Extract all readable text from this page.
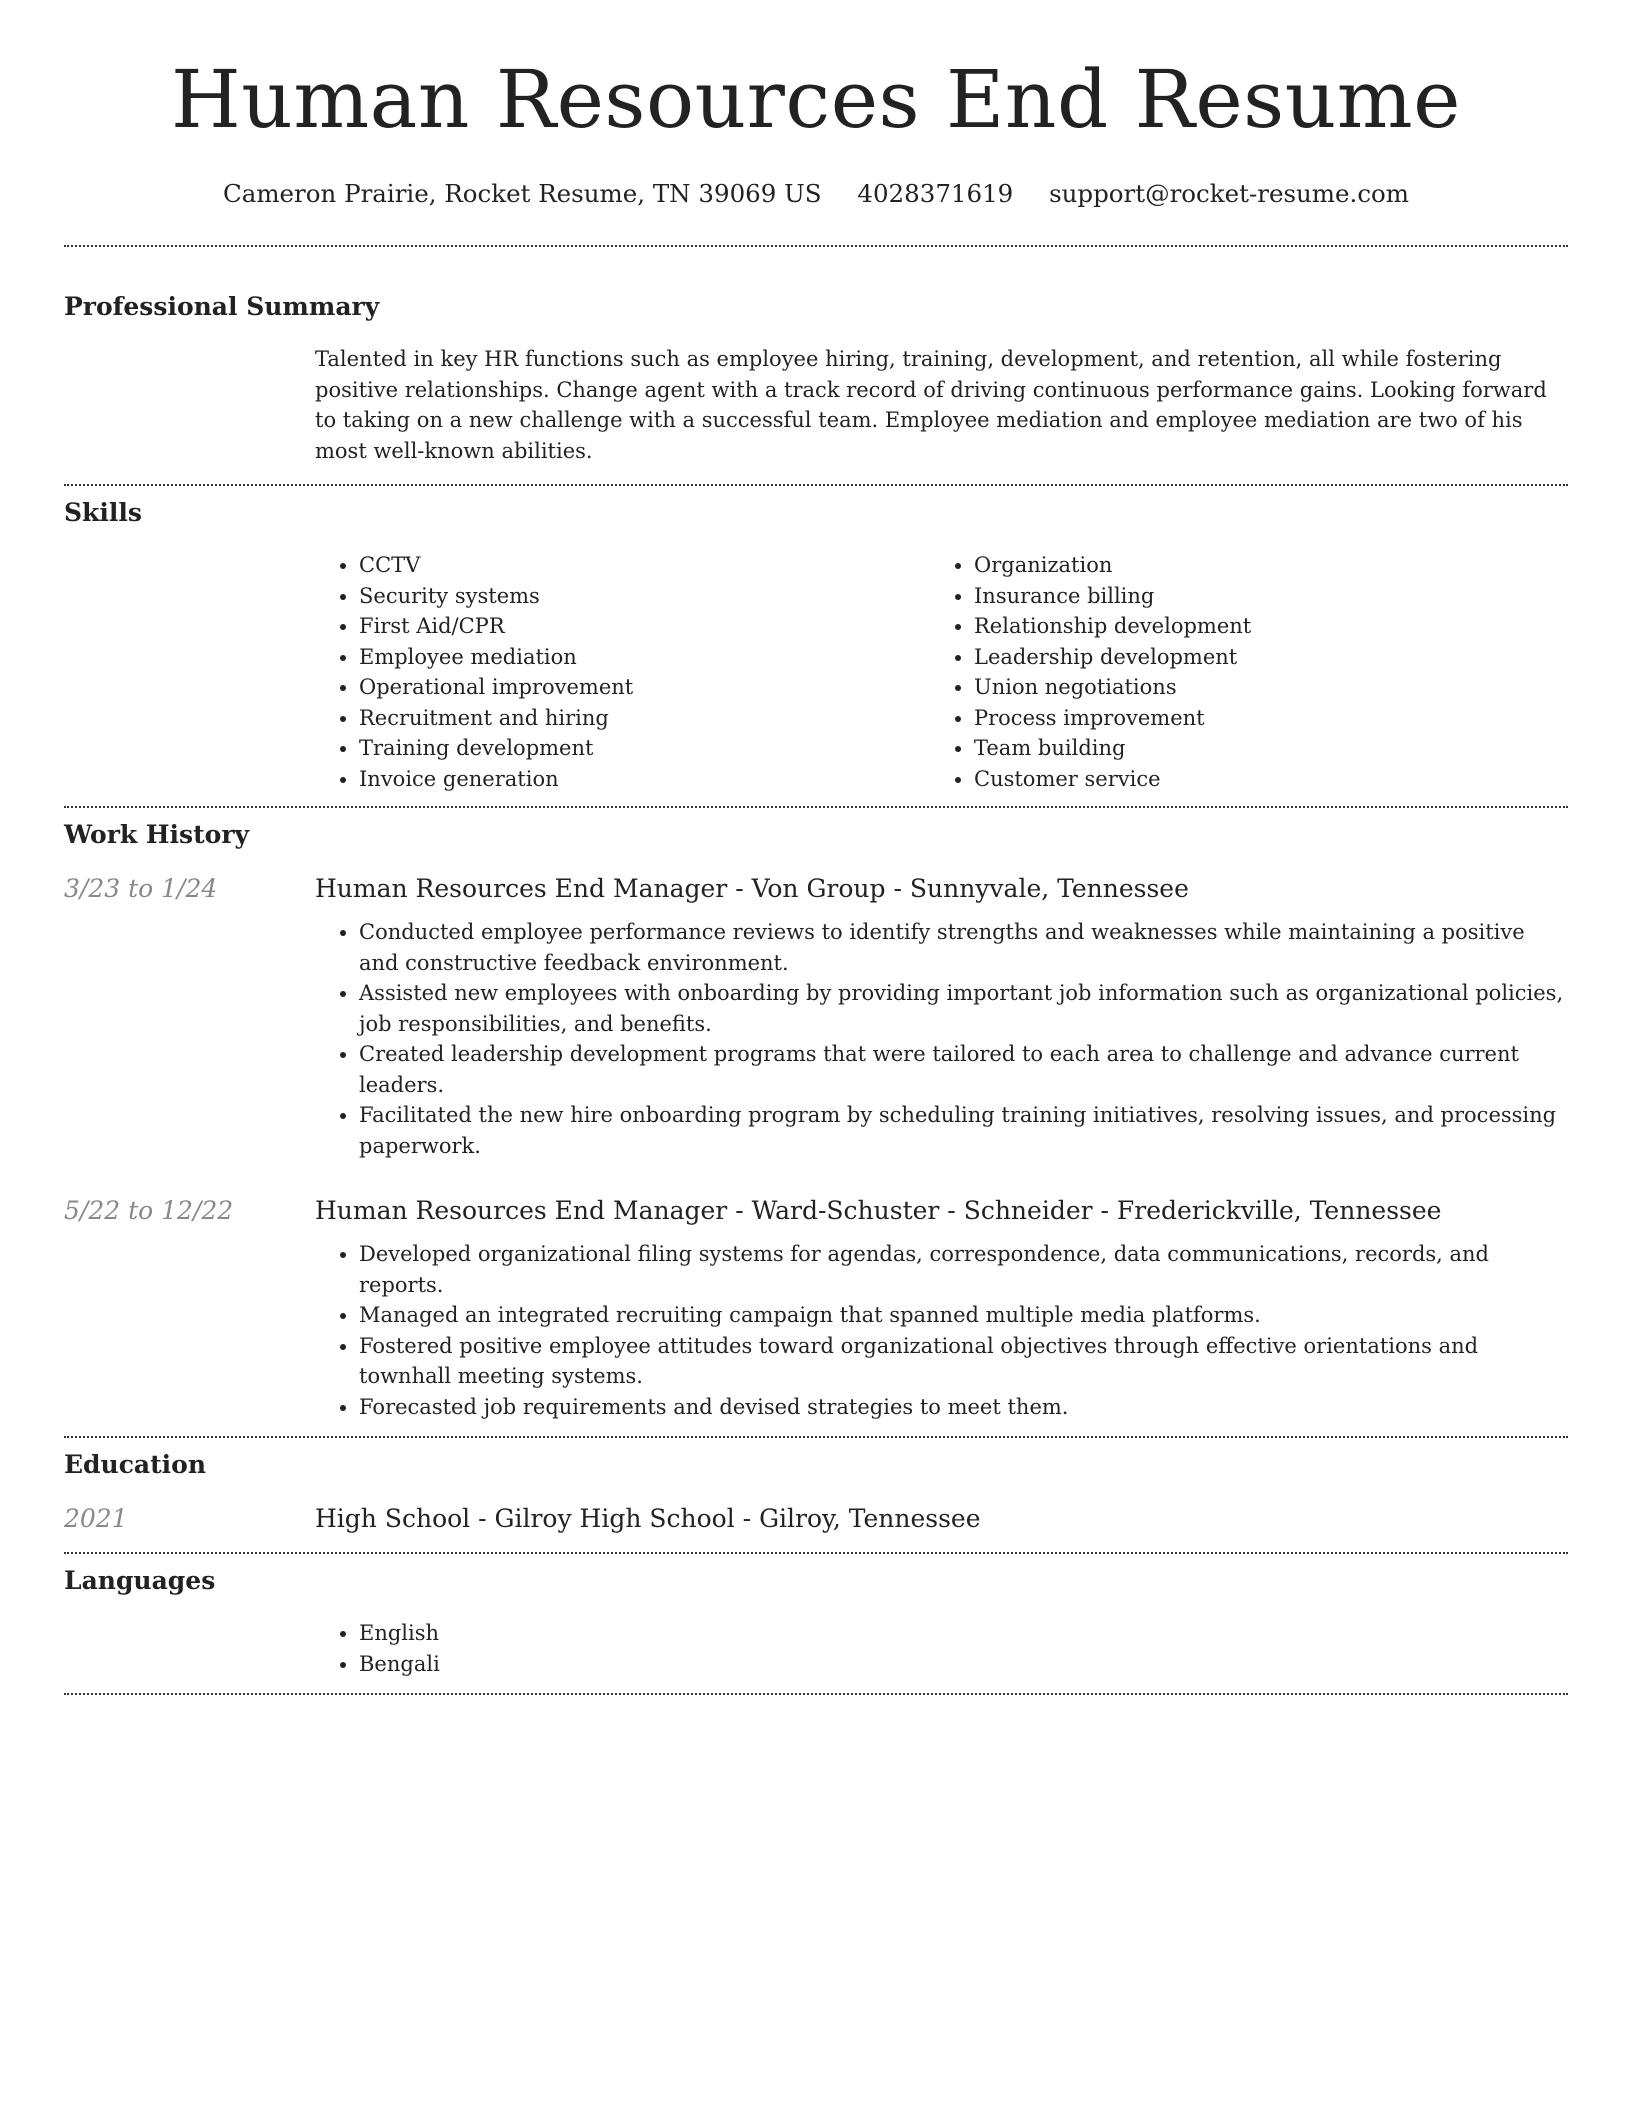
Human Resources End Resume
Cameron Prairie, Rocket Resume, TN 39069 US 4028371619 support@rocket-resume.com
Professional Summary
Talented in key HR functions such as employee hiring, training, development, and retention, all while fostering positive relationships. Change agent with a track record of driving continuous performance gains. Looking forward to taking on a new challenge with a successful team. Employee mediation and employee mediation are two of his most well-known abilities.
Skills
• CCTV
• Security systems
• First Aid/CPR
• Employee mediation
• Operational improvement
• Recruitment and hiring
• Training development
• Invoice generation
• Organization
• Insurance billing
• Relationship development
• Leadership development
• Union negotiations
• Process improvement
• Team building
• Customer service
Work History
3/23 to 1/24	Human Resources End Manager - Von Group - Sunnyvale, Tennessee
• Conducted employee performance reviews to identify strengths and weaknesses while maintaining a positive and constructive feedback environment.
• Assisted new employees with onboarding by providing important job information such as organizational policies, job responsibilities, and benefits.
• Created leadership development programs that were tailored to each area to challenge and advance current leaders.
• Facilitated the new hire onboarding program by scheduling training initiatives, resolving issues, and processing paperwork.
5/22 to 12/22	Human Resources End Manager - Ward-Schuster - Schneider - Frederickville, Tennessee
• Developed organizational filing systems for agendas, correspondence, data communications, records, and reports.
• Managed an integrated recruiting campaign that spanned multiple media platforms.
• Fostered positive employee attitudes toward organizational objectives through effective orientations and townhall meeting systems.
• Forecasted job requirements and devised strategies to meet them.
Education
2021	High School - Gilroy High School - Gilroy, Tennessee
Languages
• English
• Bengali
